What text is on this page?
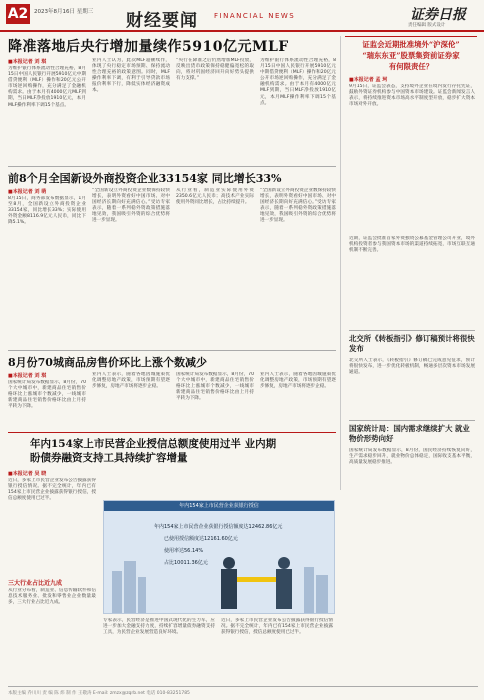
A2	2023年8月16日 星期三 财经要闻 FINANCIAL NEWS	证券日报
责任编辑 版式设计
降准落地后央行增加量续作5910亿元MLF
■本报记者 刘 琪
为维护银行体系流动性合理充裕，8月15日中国人民银行开展5910亿元中期借贷便利（MLF）操作和20亿元公开市场逆回购操作，充分满足了金融机构需求。由于本月有4000亿元MLF到期，当日MLF净投放1910亿元，本月MLF操作利率下调15个基点。
业内人士认为，此次MLF超额续作，体现了央行稳定市场预期、保持流动性合理充裕的政策意图。同时，MLF操作利率下调，有利于引导贷款市场报价利率下行，降低实体经济融资成本。
“央行在降准之后仍然增加MLF投放，反映出货币政策保持稳健偏宽松的取向，将对巩固经济回升向好势头提供有力支撑。”
为维护银行体系流动性合理充裕，8月15日中国人民银行开展5910亿元中期借贷便利（MLF）操作和20亿元公开市场逆回购操作，充分满足了金融机构需求。由于本月有4000亿元MLF到期，当日MLF净投放1910亿元，本月MLF操作利率下调15个基点。
前8个月全国新设外商投资企业33154家 同比增长33%
■本报记者 刘 萌
8月15日，商务部发布数据显示，1月至8月，全国新设立外商投资企业33154家，同比增长33%；实际使用外资金额8116.9亿元人民币，同比下降5.1%。
“全国新设立外商投资企业数保持较快增长，表明外资看好中国市场、对中国经济长期向好充满信心。”受访专家表示，随着一系列稳外资政策措施落地见效，我国吸引外资的综合优势将进一步显现。
从行业看，制造业实际使用外资2350.6亿元人民币；高技术产业实际使用外资同比增长，占比持续提升。
“全国新设立外商投资企业数保持较快增长，表明外资看好中国市场、对中国经济长期向好充满信心。”受访专家表示，随着一系列稳外资政策措施落地见效，我国吸引外资的综合优势将进一步显现。
8月份70城商品房售价环比上涨个数减少
■本报记者 刘 琪
国家统计局发布数据显示，8月份，70个大中城市中，新建商品住宅销售价格环比上涨城市个数减少，一线城市新建商品住宅销售价格环比由上月持平转为下降。
业内人士表示，随着各地因城施策优化调整房地产政策，市场预期有望逐步修复，房地产市场将逐步企稳。
国家统计局发布数据显示，8月份，70个大中城市中，新建商品住宅销售价格环比上涨城市个数减少，一线城市新建商品住宅销售价格环比由上月持平转为下降。
业内人士表示，随着各地因城施策优化调整房地产政策，市场预期有望逐步修复，房地产市场将逐步企稳。
年内154家上市民营企业授信总额度使用过半 业内期盼债券融资支持工具持续扩容增量
■本报记者 吴 晓
近日，多家上市民营企业发布公告披露获得银行授信情况。据不完全统计，年内已有154家上市民营企业披露获得银行授信，授信总额度使用已过半。
三大行业占比近九成
从行业分布看，制造业、信息传输软件和信息技术服务业、批发和零售业企业数量最多，三大行业占比近九成。
专家表示，民营经济是推进中国式现代化的生力军，应进一步加大金融支持力度，持续扩容增量债券融资支持工具，为民营企业发展营造良好环境。
近日，多家上市民营企业发布公告披露获得银行授信情况。据不完全统计，年内已有154家上市民营企业披露获得银行授信，授信总额度使用已过半。
年内154家上市民营企业获银行授信
年内154家上市民营企业获银行授信额度达12462.86亿元
已使用授信额度达12161.60亿元
使用率达56.14%
占比10011.36亿元
证监会近期批准境外“沪深伦”
“瑞东东亚”股票集资前证券家
有何限责任？
■本报记者 孟 珂
9月15日，证监会表态，支持境外企业在境内发行存托凭证，鼓励外资证券机构参与中国资本市场建设。证监会新闻发言人表示，将持续推进资本市场高水平制度型开放，稳步扩大资本市场对外开放。
近期，证监会批准首家外资独资公募基金管理公司开业，境外机构投资者参与我国资本市场的渠道持续拓宽，市场互联互通机制不断完善。
北交所《转板指引》修订稿预计将很快发布
北交所人士表示，《转板指引》修订稿已完成意见征求，预计将很快发布，进一步优化转板机制，畅通多层次资本市场发展通道。
国家统计局：国内需求继续扩大 就业物价形势向好
国家统计局发布数据显示，8月份，国民经济持续恢复向好，生产需求稳步回升，就业物价总体稳定，国际收支基本平衡，高质量发展稳步推进。
本版主编 乔川川 责 编 陈 炜 制 作 王敬涛 E-mail: zmzx@zqrb.net 电话 010-83251785
